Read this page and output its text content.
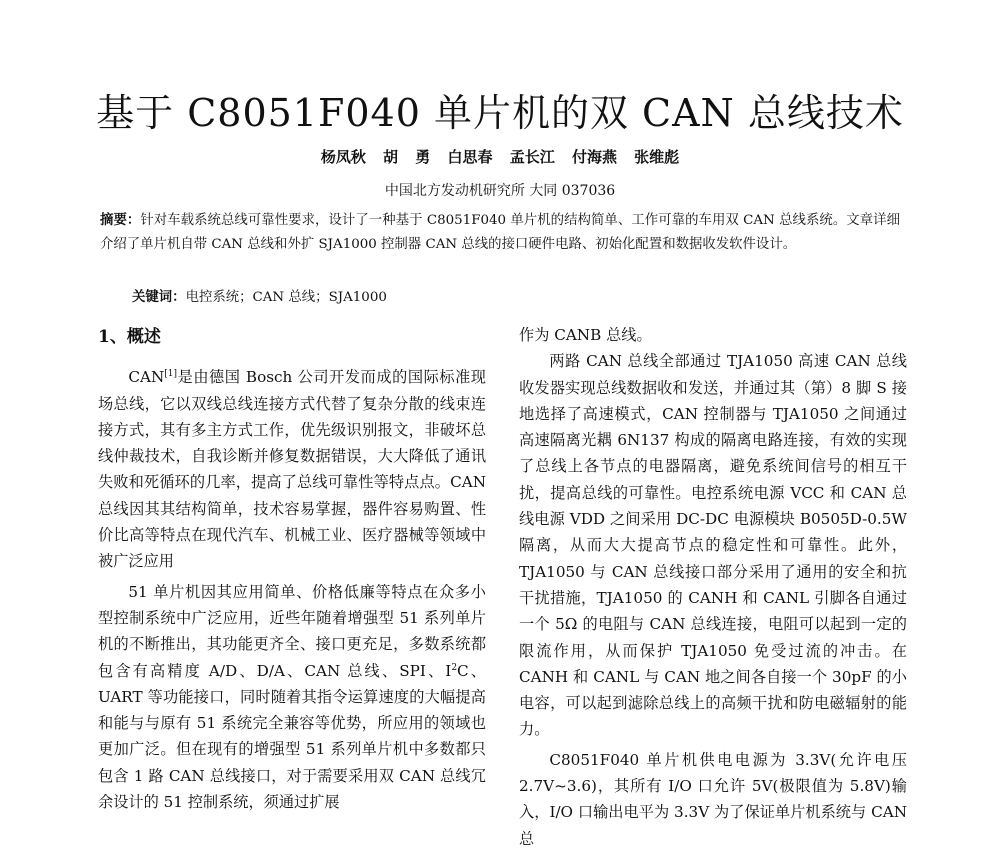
基于 C8051F040 单片机的双 CAN 总线技术
杨凤秋 胡 勇 白思春 孟长江 付海燕 张维彪
中国北方发动机研究所 大同 037036
摘要：针对车载系统总线可靠性要求，设计了一种基于 C8051F040 单片机的结构简单、工作可靠的车用双 CAN 总线系统。文章详细介绍了单片机自带 CAN 总线和外扩 SJA1000 控制器 CAN 总线的接口硬件电路、初始化配置和数据收发软件设计。
关键词：电控系统；CAN 总线；SJA1000
1、概述

CAN[1]是由德国 Bosch 公司开发而成的国际标准现场总线，它以双线总线连接方式代替了复杂分散的线束连接方式，其有多主方式工作，优先级识别报文，非破坏总线仲裁技术，自我诊断并修复数据错误，大大降低了通讯失败和死循环的几率，提高了总线可靠性等特点点。CAN 总线因其其结构简单，技术容易掌握，器件容易购置、性价比高等特点在现代汽车、机械工业、医疗器械等领域中被广泛应用

51 单片机因其应用简单、价格低廉等特点在众多小型控制系统中广泛应用，近些年随着增强型 51 系列单片机的不断推出，其功能更齐全、接口更充足，多数系统都包含有高精度 A/D、D/A、CAN 总线、SPI、$I^2C$、UART 等功能接口，同时随着其指令运算速度的大幅提高和能与与原有 51 系统完全兼容等优势，所应用的领域也更加广泛。但在现有的增强型 51 系列单片机中多数都只包含 1 路 CAN 总线接口，对于需要采用双 CAN 总线冗余设计的 51 控制系统，须通过扩展

作为 CANB 总线。

两路 CAN 总线全部通过 TJA1050 高速 CAN 总线收发器实现总线数据收和发送，并通过其（第）8 脚 S 接地选择了高速模式，CAN 控制器与 TJA1050 之间通过高速隔离光耦 6N137 构成的隔离电路连接，有效的实现了总线上各节点的电器隔离，避免系统间信号的相互干扰，提高总线的可靠性。电控系统电源 VCC 和 CAN 总线电源 VDD 之间采用 DC-DC 电源模块 B0505D-0.5W 隔离，从而大大提高节点的稳定性和可靠性。此外，TJA1050 与 CAN 总线接口部分采用了通用的安全和抗干扰措施，TJA1050 的 CANH 和 CANL 引脚各自通过一个 5Ω 的电阻与 CAN 总线连接，电阻可以起到一定的限流作用，从而保护 TJA1050 免受过流的冲击。在 CANH 和 CANL 与 CAN 地之间各自接一个 30pF 的小电容，可以起到滤除总线上的高频干扰和防电磁辐射的能力。

C8051F040 单片机供电电源为 3.3V(允许电压 2.7V~3.6)，其所有 I/O 口允许 5V(极限值为 5.8V)输入，I/O 口输出电平为 3.3V 为了保证单片机系统与 CAN 总
